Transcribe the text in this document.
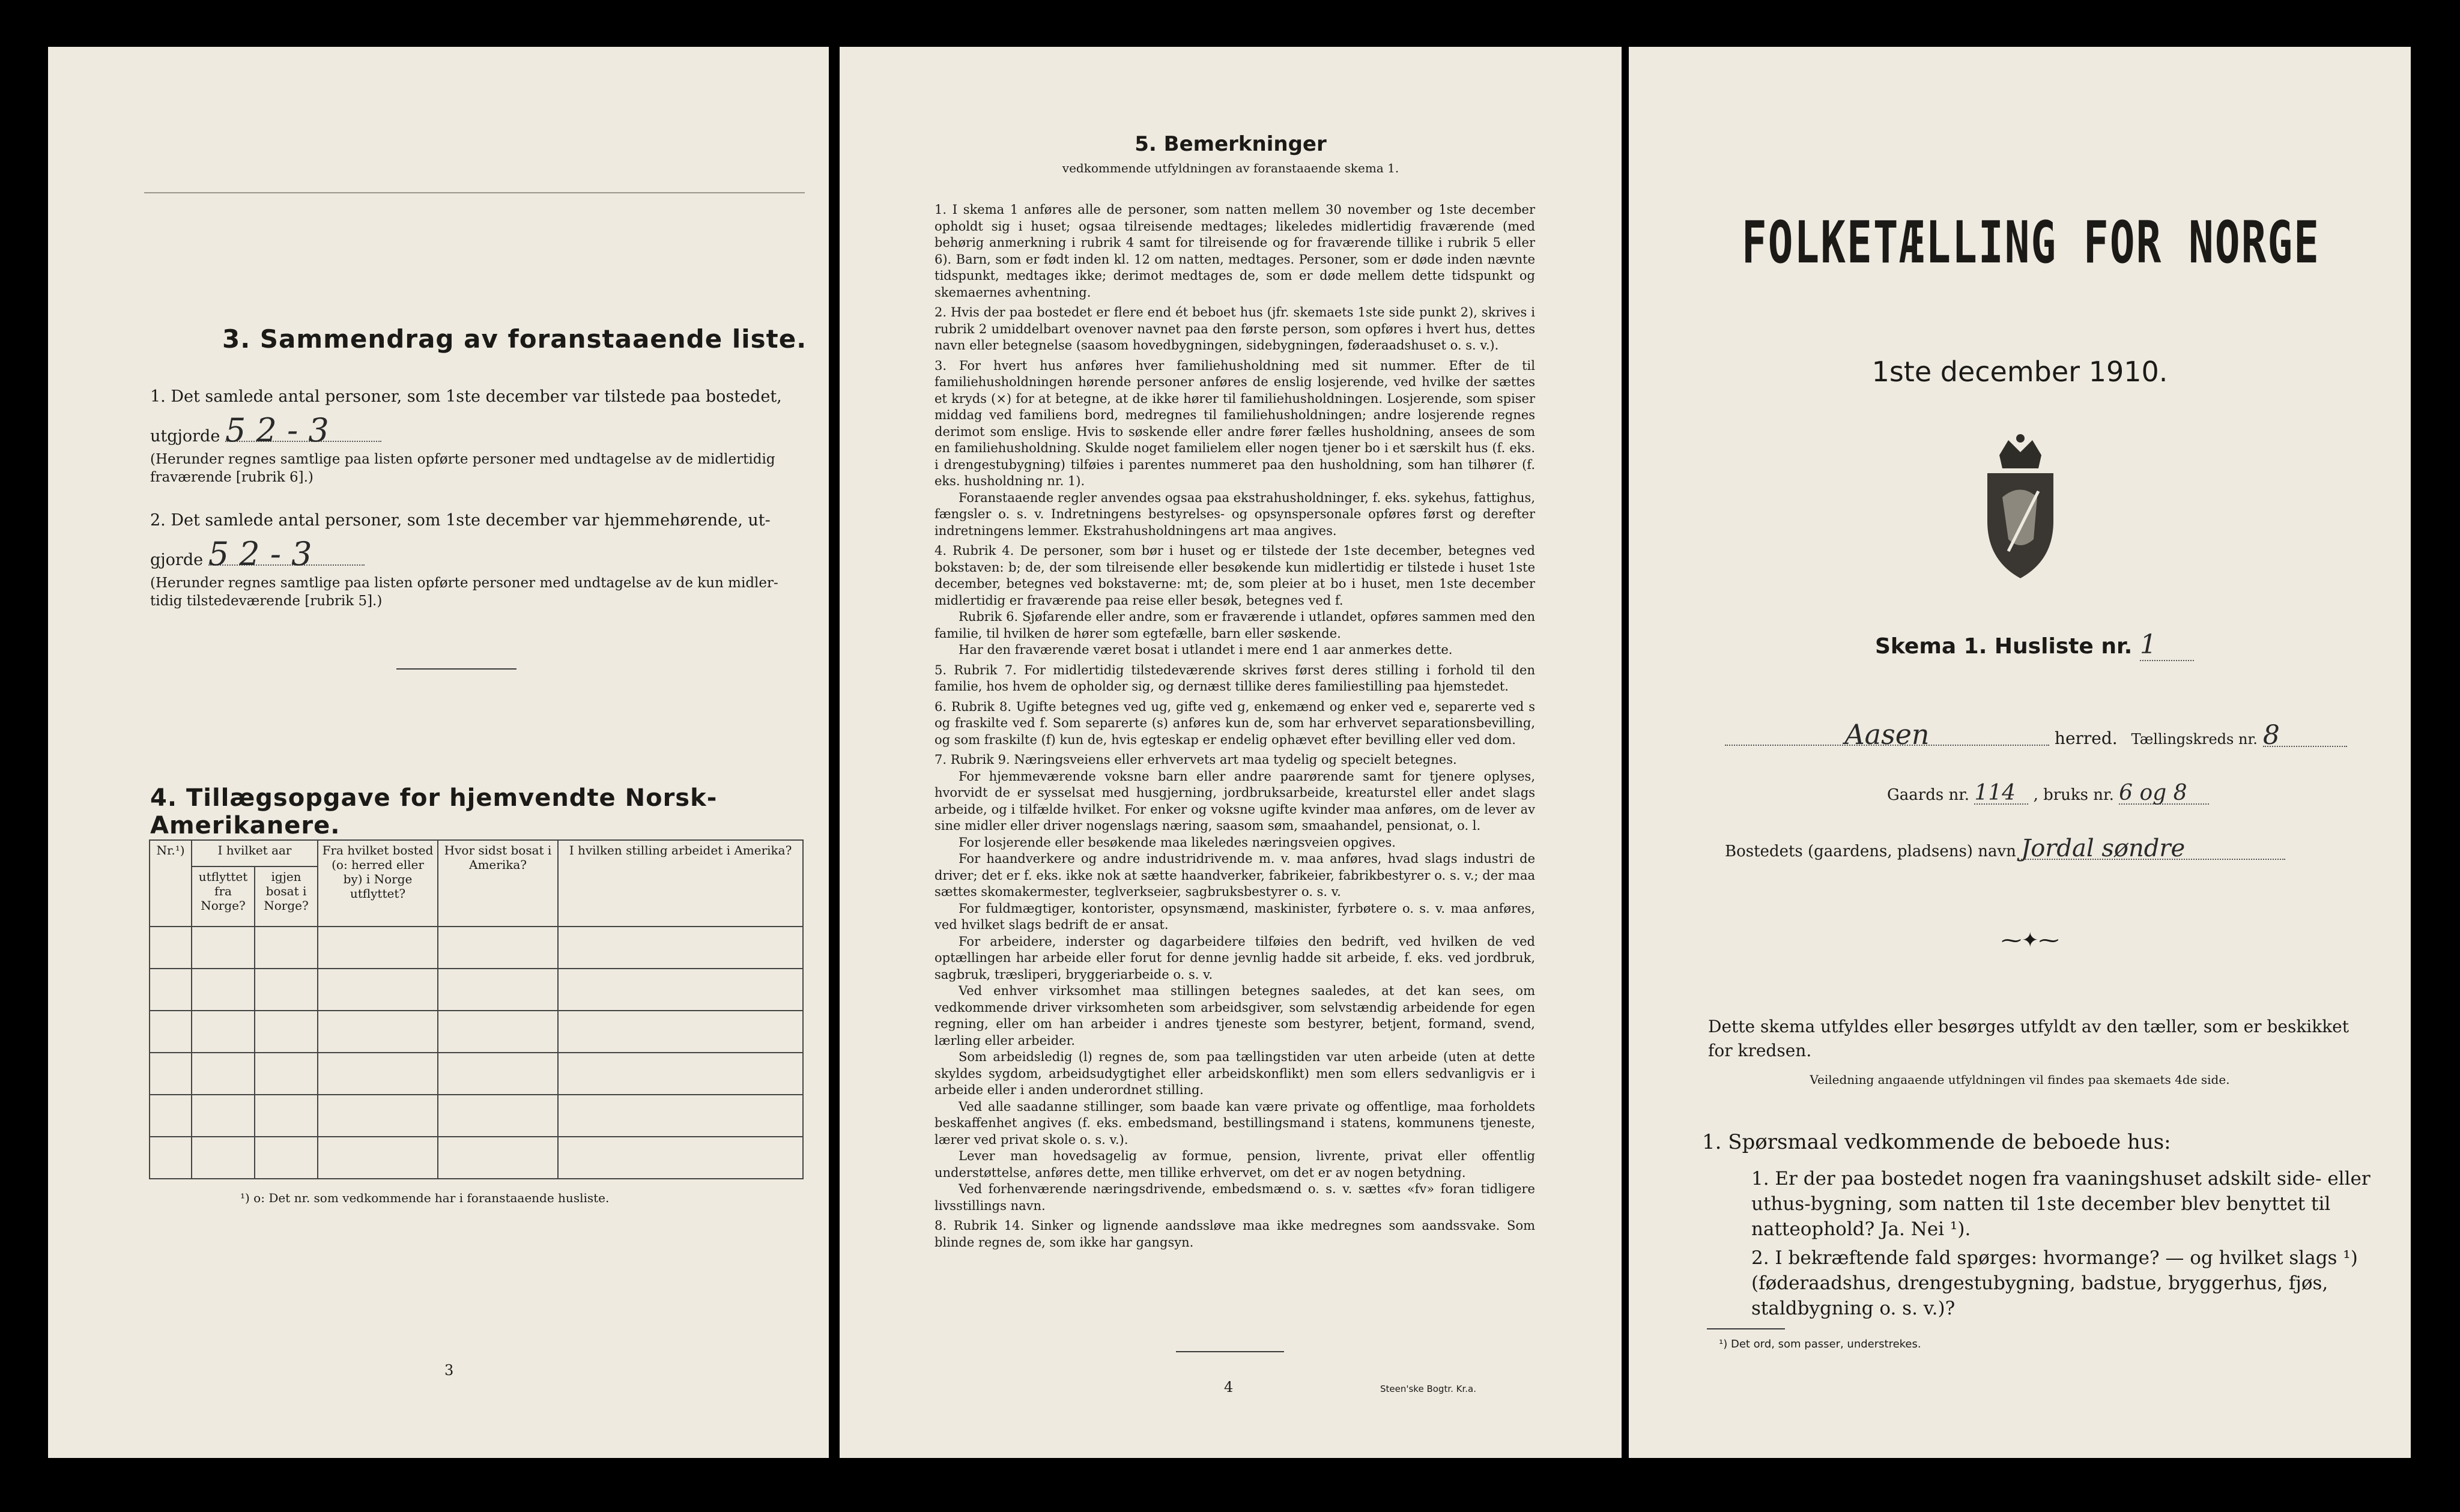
3. Sammendrag av foranstaaende liste.
1. Det samlede antal personer, som 1ste december var tilstede paa bostedet,
utgjorde 5 2 - 3
(Herunder regnes samtlige paa listen opførte personer med undtagelse av de midlertidig
fraværende [rubrik 6].)
2. Det samlede antal personer, som 1ste december var hjemmehørende, ut-
gjorde 5 2 - 3
(Herunder regnes samtlige paa listen opførte personer med undtagelse av de kun midler-
tidig tilstedeværende [rubrik 5].)
4. Tillægsopgave for hjemvendte Norsk-Amerikanere.
Nr.¹)	I hvilket aar		Fra hvilket bosted (o: herred eller by) i Norge utflyttet?	Hvor sidst bosat i Amerika?	I hvilken stilling arbeidet i Amerika?
	utflyttet fra Norge?	igjen bosat i Norge?			

¹) o: Det nr. som vedkommende har i foranstaaende husliste.
3
5. Bemerkninger
vedkommende utfyldningen av foranstaaende skema 1.

1. I skema 1 anføres alle de personer, som natten mellem 30 november og 1ste december opholdt sig i huset; ogsaa tilreisende medtages; likeledes midlertidig fraværende (med behørig anmerkning i rubrik 4 samt for tilreisende og for fraværende tillike i rubrik 5 eller 6). Barn, som er født inden kl. 12 om natten, medtages. Personer, som er døde inden nævnte tidspunkt, medtages ikke; derimot medtages de, som er døde mellem dette tidspunkt og skemaernes avhentning.

2. Hvis der paa bostedet er flere end ét beboet hus (jfr. skemaets 1ste side punkt 2), skrives i rubrik 2 umiddelbart ovenover navnet paa den første person, som opføres i hvert hus, dettes navn eller betegnelse (saasom hovedbygningen, sidebygningen, føderaadshuset o. s. v.).

3. For hvert hus anføres hver familiehusholdning med sit nummer. Efter de til familiehusholdningen hørende personer anføres de enslig losjerende, ved hvilke der sættes et kryds (×) for at betegne, at de ikke hører til familiehusholdningen. Losjerende, som spiser middag ved familiens bord, medregnes til familiehusholdningen; andre losjerende regnes derimot som enslige. Hvis to søskende eller andre fører fælles husholdning, ansees de som en familiehusholdning. Skulde noget familielem eller nogen tjener bo i et særskilt hus (f. eks. i drengestubygning) tilføies i parentes nummeret paa den husholdning, som han tilhører (f. eks. husholdning nr. 1).

Foranstaaende regler anvendes ogsaa paa ekstrahusholdninger, f. eks. sykehus, fattighus, fængsler o. s. v. Indretningens bestyrelses- og opsynspersonale opføres først og derefter indretningens lemmer. Ekstrahusholdningens art maa angives.

4. Rubrik 4. De personer, som bør i huset og er tilstede der 1ste december, betegnes ved bokstaven: b; de, der som tilreisende eller besøkende kun midlertidig er tilstede i huset 1ste december, betegnes ved bokstaverne: mt; de, som pleier at bo i huset, men 1ste december midlertidig er fraværende paa reise eller besøk, betegnes ved f.

Rubrik 6. Sjøfarende eller andre, som er fraværende i utlandet, opføres sammen med den familie, til hvilken de hører som egtefælle, barn eller søskende.

Har den fraværende været bosat i utlandet i mere end 1 aar anmerkes dette.

5. Rubrik 7. For midlertidig tilstedeværende skrives først deres stilling i forhold til den familie, hos hvem de opholder sig, og dernæst tillike deres familiestilling paa hjemstedet.

6. Rubrik 8. Ugifte betegnes ved ug, gifte ved g, enkemænd og enker ved e, separerte ved s og fraskilte ved f. Som separerte (s) anføres kun de, som har erhvervet separationsbevilling, og som fraskilte (f) kun de, hvis egteskap er endelig ophævet efter bevilling eller ved dom.

7. Rubrik 9. Næringsveiens eller erhvervets art maa tydelig og specielt betegnes.

For hjemmeværende voksne barn eller andre paarørende samt for tjenere oplyses, hvorvidt de er sysselsat med husgjerning, jordbruksarbeide, kreaturstel eller andet slags arbeide, og i tilfælde hvilket. For enker og voksne ugifte kvinder maa anføres, om de lever av sine midler eller driver nogenslags næring, saasom søm, smaahandel, pensionat, o. l.

For losjerende eller besøkende maa likeledes næringsveien opgives.

For haandverkere og andre industridrivende m. v. maa anføres, hvad slags industri de driver; det er f. eks. ikke nok at sætte haandverker, fabrikeier, fabrikbestyrer o. s. v.; der maa sættes skomakermester, teglverkseier, sagbruksbestyrer o. s. v.

For fuldmægtiger, kontorister, opsynsmænd, maskinister, fyrbøtere o. s. v. maa anføres, ved hvilket slags bedrift de er ansat.

For arbeidere, inderster og dagarbeidere tilføies den bedrift, ved hvilken de ved optællingen har arbeide eller forut for denne jevnlig hadde sit arbeide, f. eks. ved jordbruk, sagbruk, træsliperi, bryggeriarbeide o. s. v.

Ved enhver virksomhet maa stillingen betegnes saaledes, at det kan sees, om vedkommende driver virksomheten som arbeidsgiver, som selvstændig arbeidende for egen regning, eller om han arbeider i andres tjeneste som bestyrer, betjent, formand, svend, lærling eller arbeider.

Som arbeidsledig (l) regnes de, som paa tællingstiden var uten arbeide (uten at dette skyldes sygdom, arbeidsudygtighet eller arbeidskonflikt) men som ellers sedvanligvis er i arbeide eller i anden underordnet stilling.

Ved alle saadanne stillinger, som baade kan være private og offentlige, maa forholdets beskaffenhet angives (f. eks. embedsmand, bestillingsmand i statens, kommunens tjeneste, lærer ved privat skole o. s. v.).

Lever man hovedsagelig av formue, pension, livrente, privat eller offentlig understøttelse, anføres dette, men tillike erhvervet, om det er av nogen betydning.

Ved forhenværende næringsdrivende, embedsmænd o. s. v. sættes «fv» foran tidligere livsstillings navn.

8. Rubrik 14. Sinker og lignende aandssløve maa ikke medregnes som aandssvake. Som blinde regnes de, som ikke har gangsyn.

4	Steen'ske Bogtr. Kr.a.
FOLKETÆLLING FOR NORGE
1ste december 1910.
Skema 1. Husliste nr. 1
Aasen	herred. Tællingskreds nr. 8
Gaards nr. 114 , bruks nr. 6 og 8
Bostedets (gaardens, pladsens) navn Jordal søndre
⁓✦⁓
Dette skema utfyldes eller besørges utfyldt av den tæller, som er beskikket for kredsen.
Veiledning angaaende utfyldningen vil findes paa skemaets 4de side.
1. Spørsmaal vedkommende de beboede hus:
1. Er der paa bostedet nogen fra vaaningshuset adskilt side- eller uthus-bygning, som natten til 1ste december blev benyttet til natteophold? Ja. Nei ¹).
2. I bekræftende fald spørges: hvormange? — og hvilket slags ¹) (føderaadshus, drengestubygning, badstue, bryggerhus, fjøs, staldbygning o. s. v.)?
¹) Det ord, som passer, understrekes.
